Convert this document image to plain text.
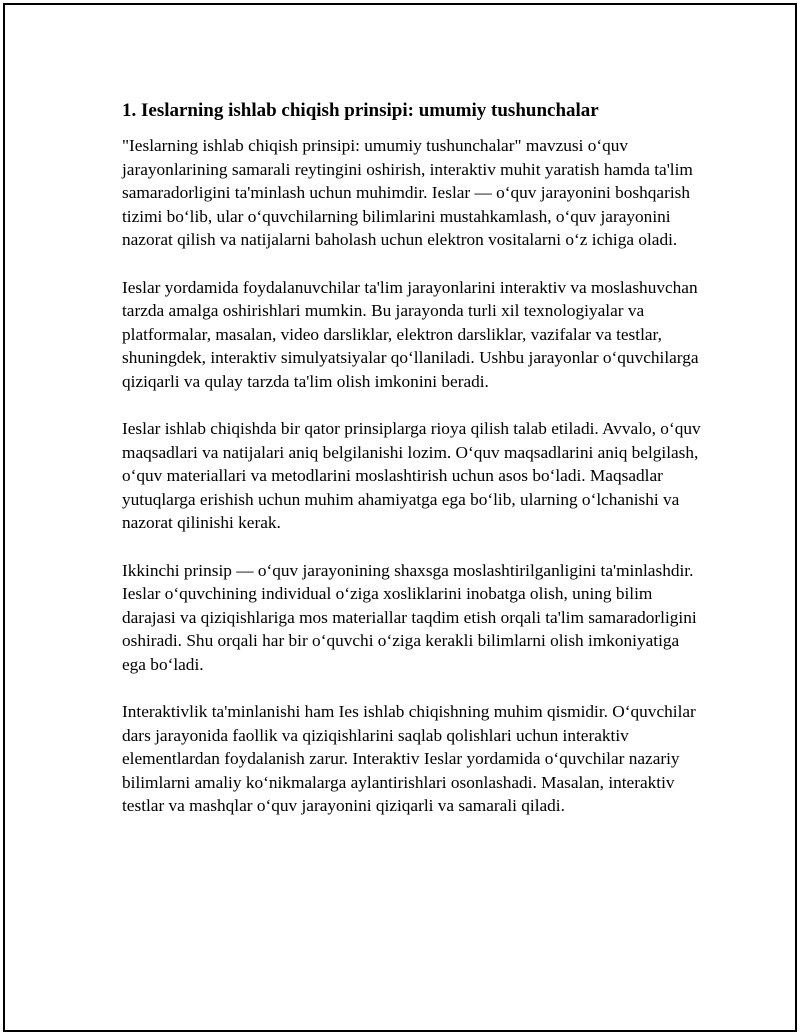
1. Ieslarning ishlab chiqish prinsipi: umumiy tushunchalar

"Ieslarning ishlab chiqish prinsipi: umumiy tushunchalar" mavzusi o‘quv jarayonlarining samarali reytingini oshirish, interaktiv muhit yaratish hamda ta'lim samaradorligini ta'minlash uchun muhimdir. Ieslar — o‘quv jarayonini boshqarish tizimi bo‘lib, ular o‘quvchilarning bilimlarini mustahkamlash, o‘quv jarayonini nazorat qilish va natijalarni baholash uchun elektron vositalarni o‘z ichiga oladi.

Ieslar yordamida foydalanuvchilar ta'lim jarayonlarini interaktiv va moslashuvchan tarzda amalga oshirishlari mumkin. Bu jarayonda turli xil texnologiyalar va platformalar, masalan, video darsliklar, elektron darsliklar, vazifalar va testlar, shuningdek, interaktiv simulyatsiyalar qo‘llaniladi. Ushbu jarayonlar o‘quvchilarga qiziqarli va qulay tarzda ta'lim olish imkonini beradi.

Ieslar ishlab chiqishda bir qator prinsiplarga rioya qilish talab etiladi. Avvalo, o‘quv maqsadlari va natijalari aniq belgilanishi lozim. O‘quv maqsadlarini aniq belgilash, o‘quv materiallari va metodlarini moslashtirish uchun asos bo‘ladi. Maqsadlar yutuqlarga erishish uchun muhim ahamiyatga ega bo‘lib, ularning o‘lchanishi va nazorat qilinishi kerak.

Ikkinchi prinsip — o‘quv jarayonining shaxsga moslashtirilganligini ta'minlashdir. Ieslar o‘quvchining individual o‘ziga xosliklarini inobatga olish, uning bilim darajasi va qiziqishlariga mos materiallar taqdim etish orqali ta'lim samaradorligini oshiradi. Shu orqali har bir o‘quvchi o‘ziga kerakli bilimlarni olish imkoniyatiga ega bo‘ladi.

Interaktivlik ta'minlanishi ham Ies ishlab chiqishning muhim qismidir. O‘quvchilar dars jarayonida faollik va qiziqishlarini saqlab qolishlari uchun interaktiv elementlardan foydalanish zarur. Interaktiv Ieslar yordamida o‘quvchilar nazariy bilimlarni amaliy ko‘nikmalarga aylantirishlari osonlashadi. Masalan, interaktiv testlar va mashqlar o‘quv jarayonini qiziqarli va samarali qiladi.
